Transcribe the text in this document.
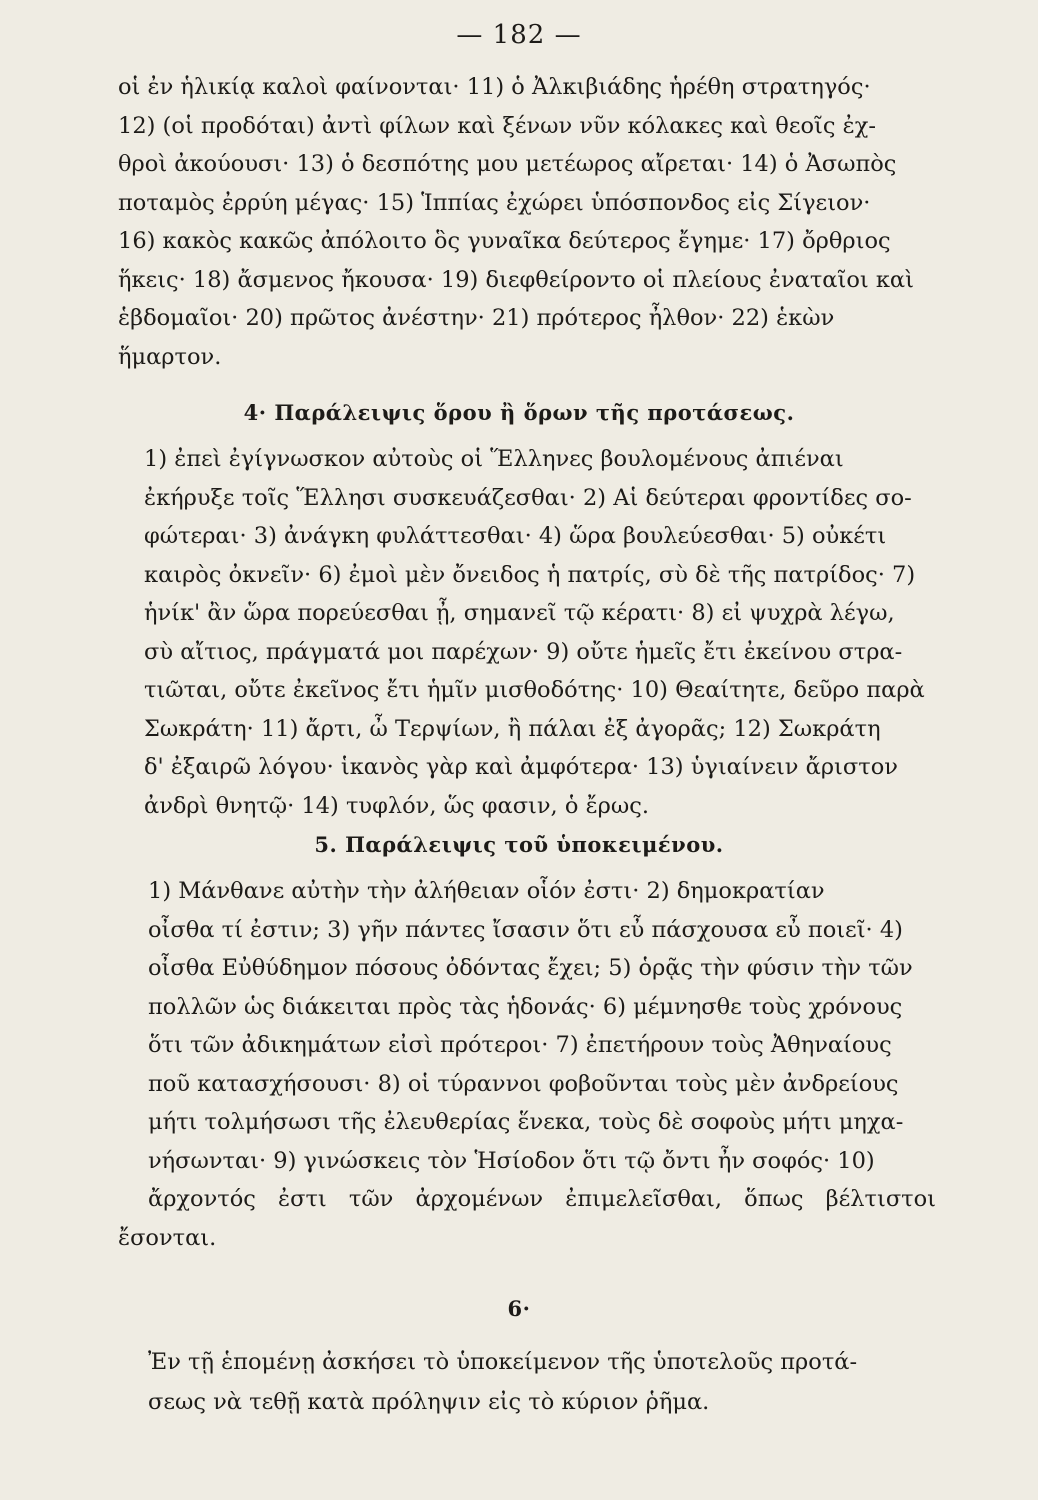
— 182 —
οἱ ἐν ἡλικίᾳ καλοὶ φαίνονται· 11) ὁ Ἀλκιβιάδης ἡρέθη στρατηγός·
12) (οἱ προδόται) ἀντὶ φίλων καὶ ξένων νῦν κόλακες καὶ θεοῖς ἐχ-
θροὶ ἀκούουσι· 13) ὁ δεσπότης μου μετέωρος αἴρεται· 14) ὁ Ἀσωπὸς
ποταμὸς ἐρρύη μέγας· 15) Ἱππίας ἐχώρει ὑπόσπονδος εἰς Σίγειον·
16) κακὸς κακῶς ἀπόλοιτο ὃς γυναῖκα δεύτερος ἔγημε· 17) ὄρθριος
ἥκεις· 18) ἄσμενος ἤκουσα· 19) διεφθείροντο οἱ πλείους ἐναταῖοι καὶ
ἑβδομαῖοι· 20) πρῶτος ἀνέστην· 21) πρότερος ἦλθον· 22) ἑκὼν
ἥμαρτον.
4· Παράλειψις ὅρου ἢ ὅρων τῆς προτάσεως.
1) ἐπεὶ ἐγίγνωσκον αὐτοὺς οἱ Ἕλληνες βουλομένους ἀπιέναι
ἐκήρυξε τοῖς Ἕλλησι συσκευάζεσθαι· 2) Αἱ δεύτεραι φροντίδες σο-
φώτεραι· 3) ἀνάγκη φυλάττεσθαι· 4) ὥρα βουλεύεσθαι· 5) οὐκέτι
καιρὸς ὀκνεῖν· 6) ἐμοὶ μὲν ὄνειδος ἡ πατρίς, σὺ δὲ τῆς πατρίδος· 7)
ἡνίκ' ἂν ὥρα πορεύεσθαι ᾖ, σημανεῖ τῷ κέρατι· 8) εἰ ψυχρὰ λέγω,
σὺ αἴτιος, πράγματά μοι παρέχων· 9) οὔτε ἡμεῖς ἔτι ἐκείνου στρα-
τιῶται, οὔτε ἐκεῖνος ἔτι ἡμῖν μισθοδότης· 10) Θεαίτητε, δεῦρο παρὰ
Σωκράτη· 11) ἄρτι, ὦ Τερψίων, ἢ πάλαι ἐξ ἀγορᾶς; 12) Σωκράτη
δ' ἐξαιρῶ λόγου· ἱκανὸς γὰρ καὶ ἀμφότερα· 13) ὑγιαίνειν ἄριστον
ἀνδρὶ θνητῷ· 14) τυφλόν, ὥς φασιν, ὁ ἔρως.
5. Παράλειψις τοῦ ὑποκειμένου.
1) Μάνθανε αὐτὴν τὴν ἀλήθειαν οἷόν ἐστι· 2) δημοκρατίαν
οἶσθα τί ἐστιν; 3) γῆν πάντες ἴσασιν ὅτι εὖ πάσχουσα εὖ ποιεῖ· 4)
οἶσθα Εὐθύδημον πόσους ὀδόντας ἔχει; 5) ὁρᾷς τὴν φύσιν τὴν τῶν
πολλῶν ὡς διάκειται πρὸς τὰς ἡδονάς· 6) μέμνησθε τοὺς χρόνους
ὅτι τῶν ἀδικημάτων εἰσὶ πρότεροι· 7) ἐπετήρουν τοὺς Ἀθηναίους
ποῦ κατασχήσουσι· 8) οἱ τύραννοι φοβοῦνται τοὺς μὲν ἀνδρείους
μήτι τολμήσωσι τῆς ἐλευθερίας ἕνεκα, τοὺς δὲ σοφοὺς μήτι μηχα-
νήσωνται· 9) γινώσκεις τὸν Ἡσίοδον ὅτι τῷ ὄντι ἦν σοφός· 10)
ἄρχοντός ἐστι τῶν ἀρχομένων ἐπιμελεῖσθαι, ὅπως βέλτιστοι ἔσονται.
6·
Ἐν τῇ ἑπομένῃ ἀσκήσει τὸ ὑποκείμενον τῆς ὑποτελοῦς προτά-
σεως νὰ τεθῇ κατὰ πρόληψιν εἰς τὸ κύριον ῥῆμα.
